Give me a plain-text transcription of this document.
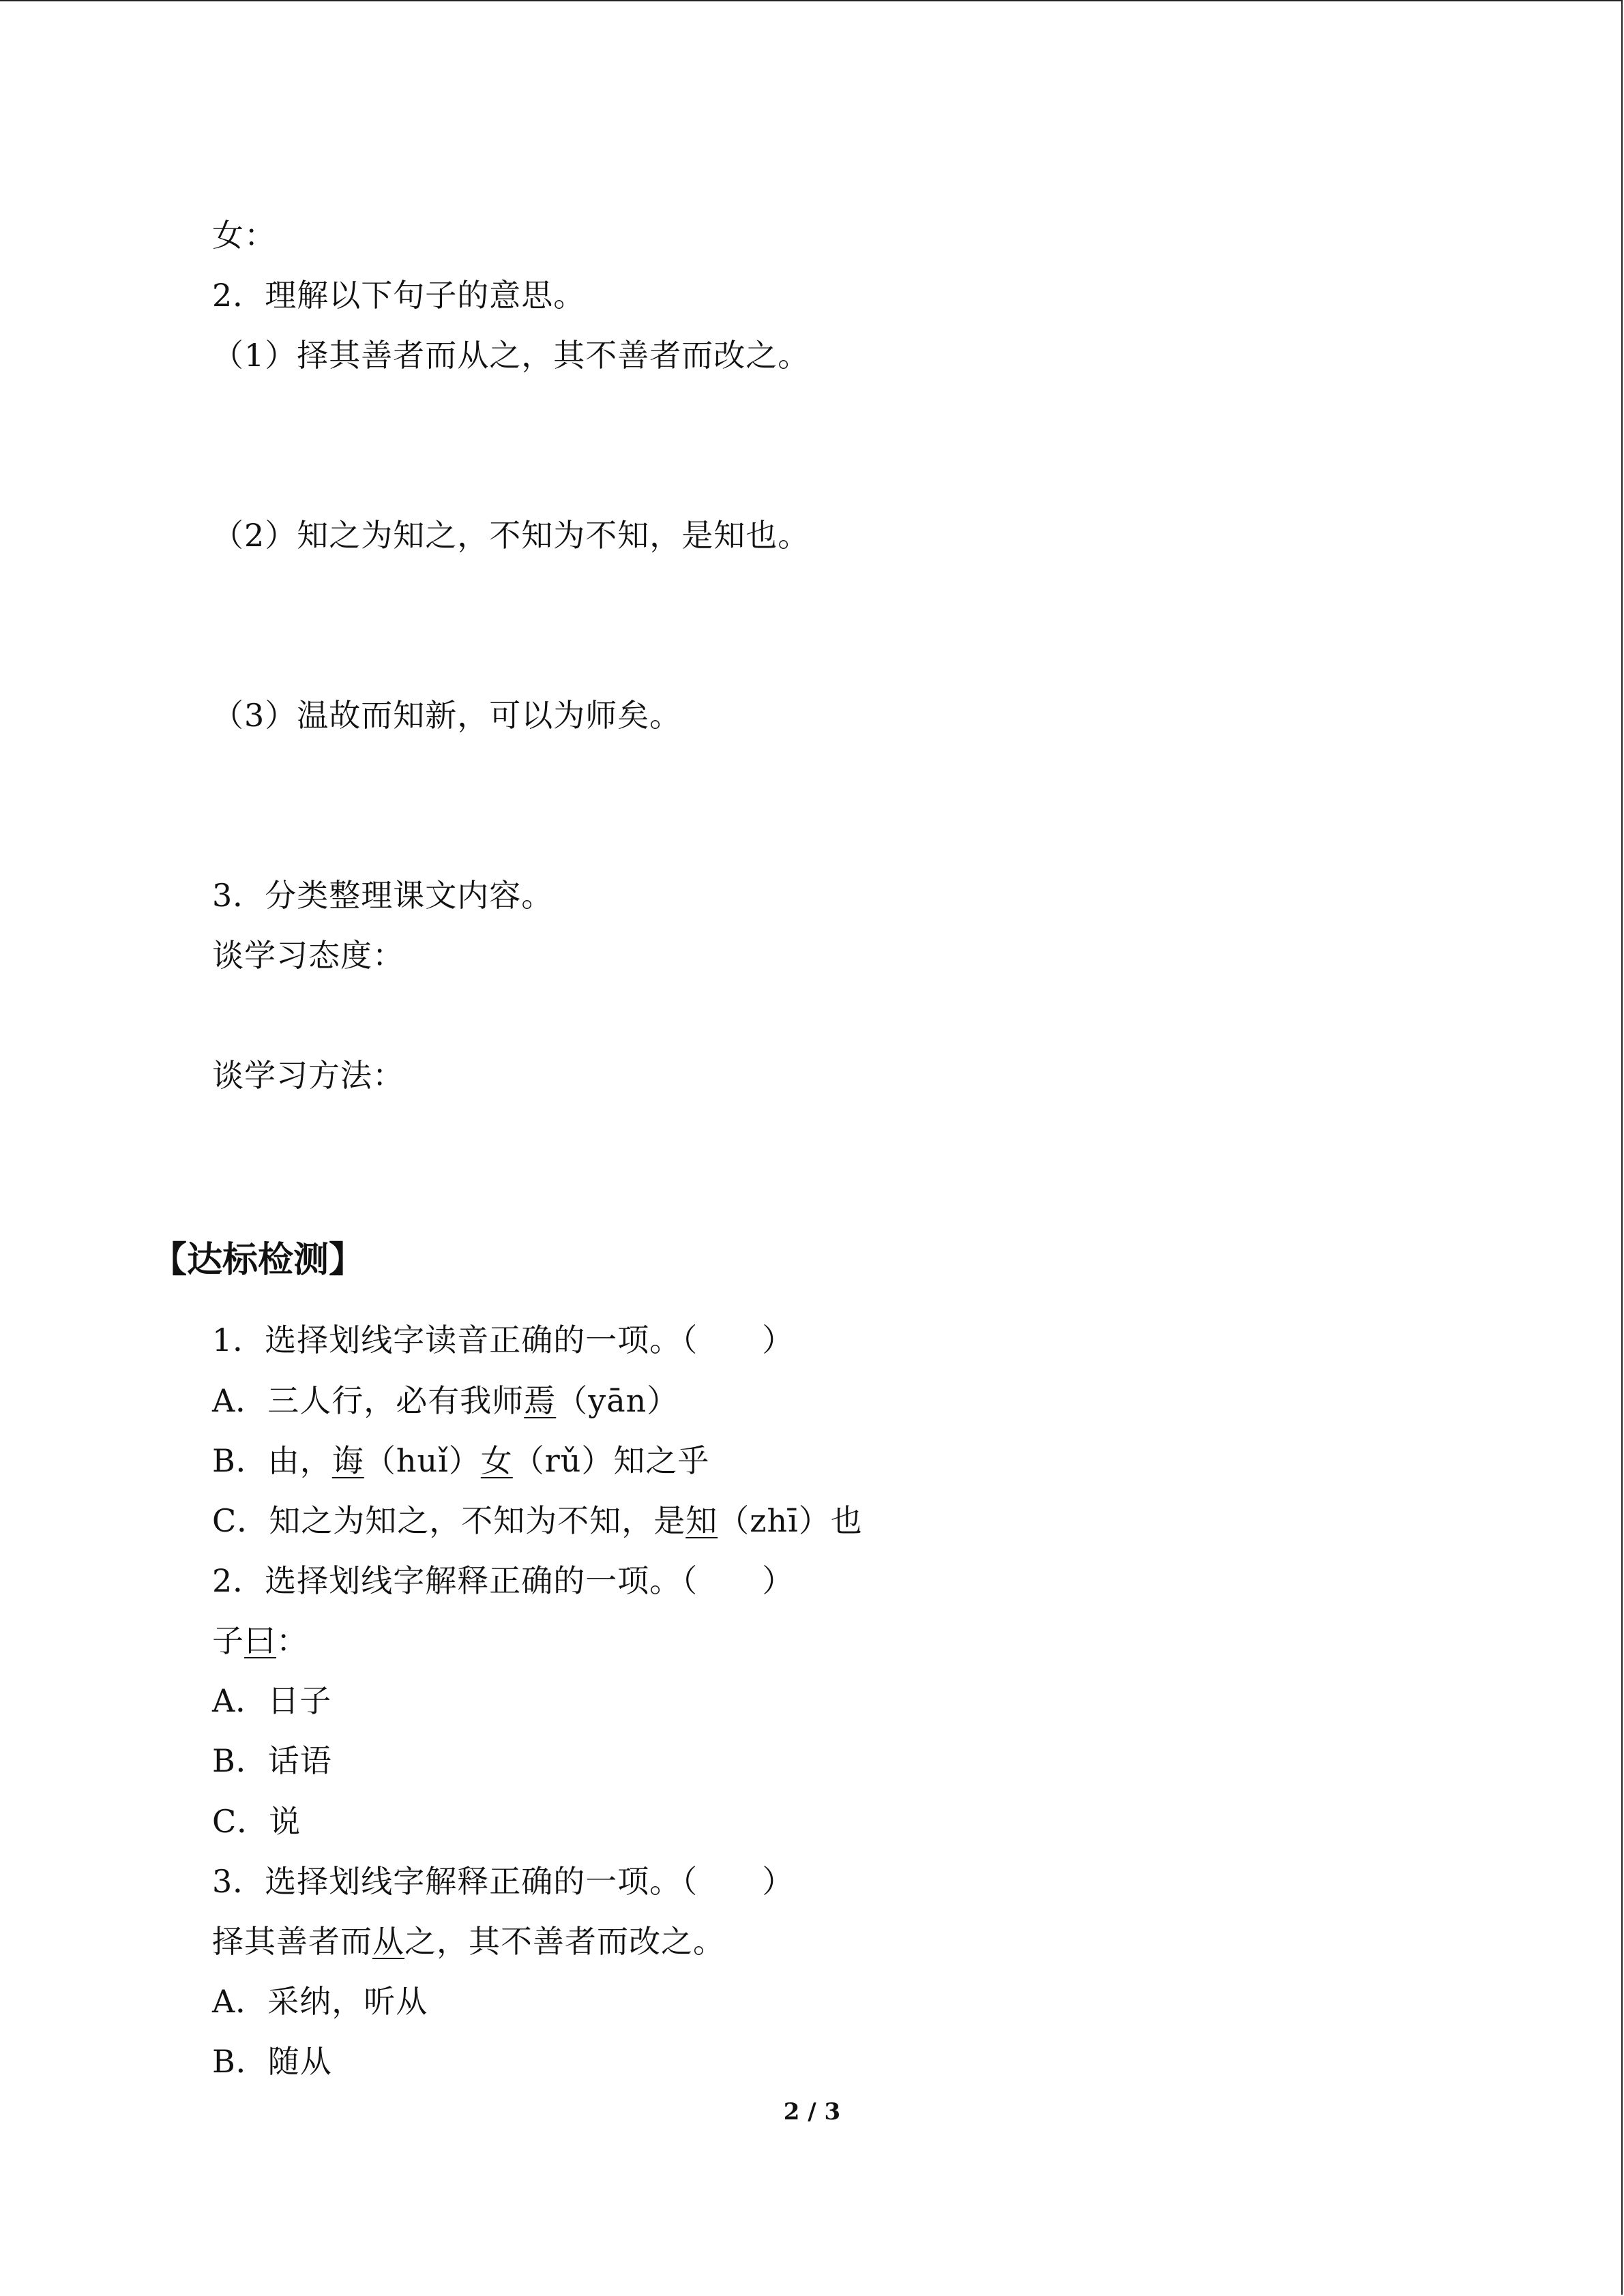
女：
2．理解以下句子的意思。
（1）择其善者而从之，其不善者而改之。
（2）知之为知之，不知为不知，是知也。
（3）温故而知新，可以为师矣。
3．分类整理课文内容。
谈学习态度：
谈学习方法：
【达标检测】
1．选择划线字读音正确的一项。（　　）
A．三人行，必有我师焉（yān）
B．由，诲（huǐ）女（rǔ）知之乎
C．知之为知之，不知为不知，是知（zhī）也
2．选择划线字解释正确的一项。（　　）
子曰：
A．日子
B．话语
C．说
3．选择划线字解释正确的一项。（　　）
择其善者而从之，其不善者而改之。
A．采纳，听从
B．随从
2 / 3
